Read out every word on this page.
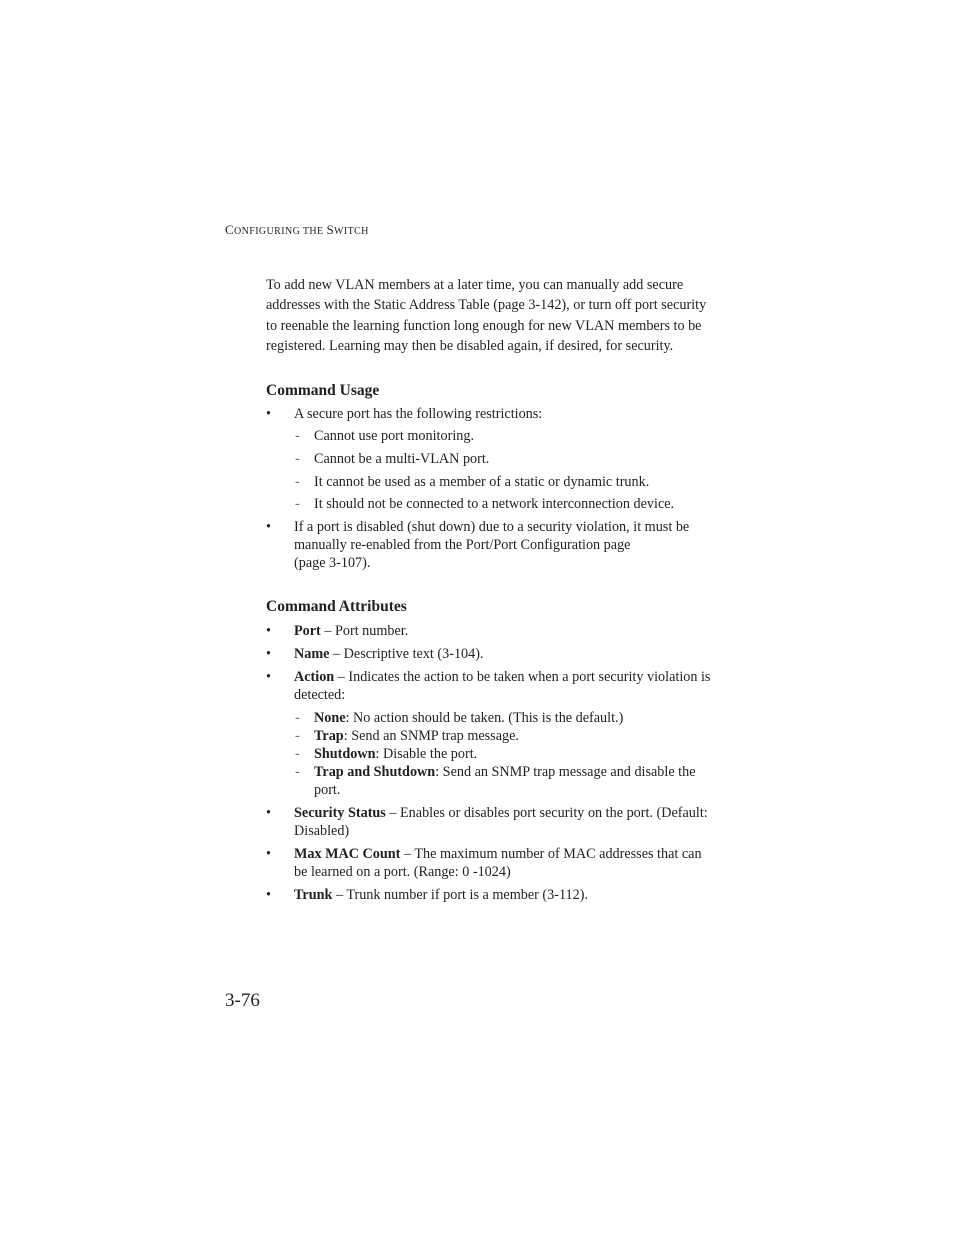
CONFIGURING THE SWITCH

To add new VLAN members at a later time, you can manually add secure addresses with the Static Address Table (page 3-142), or turn off port security to reenable the learning function long enough for new VLAN members to be registered. Learning may then be disabled again, if desired, for security.

Command Usage
• A secure port has the following restrictions:
- Cannot use port monitoring.
- Cannot be a multi-VLAN port.
- It cannot be used as a member of a static or dynamic trunk.
- It should not be connected to a network interconnection device.
• If a port is disabled (shut down) due to a security violation, it must be manually re-enabled from the Port/Port Configuration page
(page 3-107).
Command Attributes
• Port – Port number.
• Name – Descriptive text (3-104).
• Action – Indicates the action to be taken when a port security violation is detected:
- None: No action should be taken. (This is the default.)
- Trap: Send an SNMP trap message.
- Shutdown: Disable the port.
- Trap and Shutdown: Send an SNMP trap message and disable the port.
• Security Status – Enables or disables port security on the port. (Default: Disabled)
• Max MAC Count – The maximum number of MAC addresses that can be learned on a port. (Range: 0 -1024)
• Trunk – Trunk number if port is a member (3-112).
3-76
